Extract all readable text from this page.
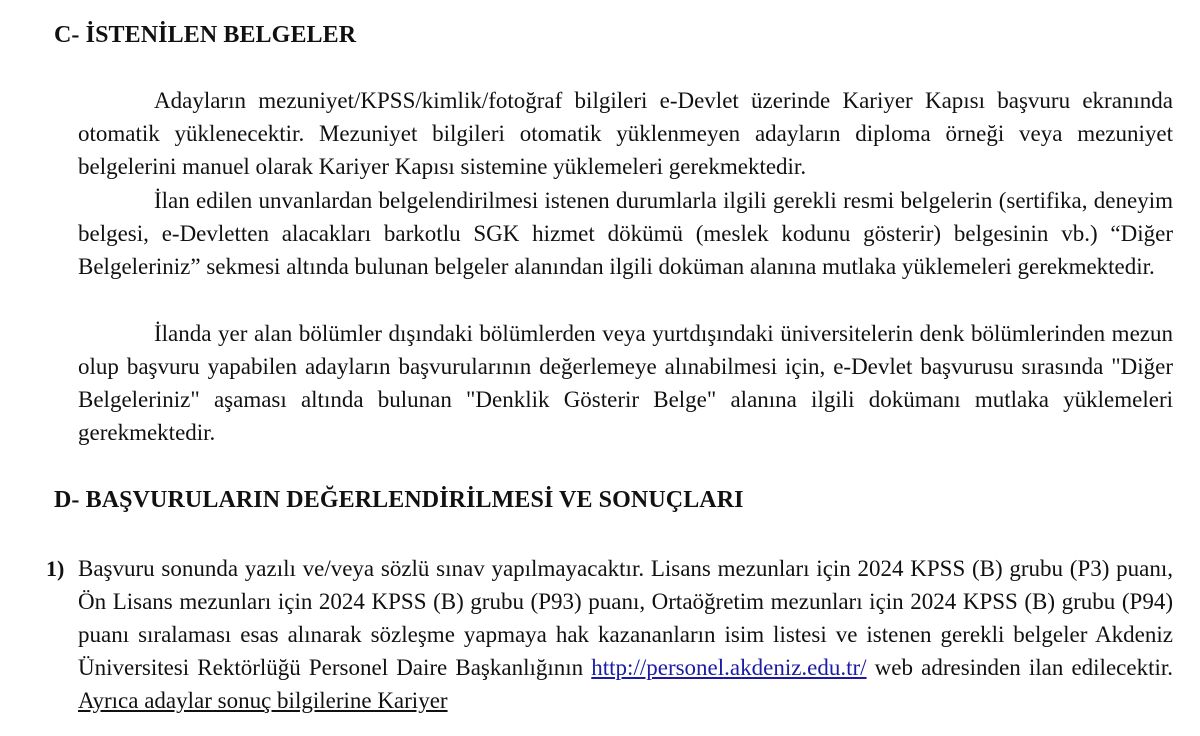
C- İSTENİLEN BELGELER

Adayların mezuniyet/KPSS/kimlik/fotoğraf bilgileri e-Devlet üzerinde Kariyer Kapısı başvuru ekranında otomatik yüklenecektir. Mezuniyet bilgileri otomatik yüklenmeyen adayların diploma örneği veya mezuniyet belgelerini manuel olarak Kariyer Kapısı sistemine yüklemeleri gerekmektedir.

İlan edilen unvanlardan belgelendirilmesi istenen durumlarla ilgili gerekli resmi belgelerin (sertifika, deneyim belgesi, e-Devletten alacakları barkotlu SGK hizmet dökümü (meslek kodunu gösterir) belgesinin vb.) “Diğer Belgeleriniz” sekmesi altında bulunan belgeler alanından ilgili doküman alanına mutlaka yüklemeleri gerekmektedir.

İlanda yer alan bölümler dışındaki bölümlerden veya yurtdışındaki üniversitelerin denk bölümlerinden mezun olup başvuru yapabilen adayların başvurularının değerlemeye alınabilmesi için, e-Devlet başvurusu sırasında "Diğer Belgeleriniz" aşaması altında bulunan "Denklik Gösterir Belge" alanına ilgili dokümanı mutlaka yüklemeleri gerekmektedir.

D- BAŞVURULARIN DEĞERLENDİRİLMESİ VE SONUÇLARI
1) Başvuru sonunda yazılı ve/veya sözlü sınav yapılmayacaktır. Lisans mezunları için 2024 KPSS (B) grubu (P3) puanı, Ön Lisans mezunları için 2024 KPSS (B) grubu (P93) puanı, Ortaöğretim mezunları için 2024 KPSS (B) grubu (P94) puanı sıralaması esas alınarak sözleşme yapmaya hak kazananların isim listesi ve istenen gerekli belgeler Akdeniz Üniversitesi Rektörlüğü Personel Daire Başkanlığının http://personel.akdeniz.edu.tr/ web adresinden ilan edilecektir. Ayrıca adaylar sonuç bilgilerine Kariyer
